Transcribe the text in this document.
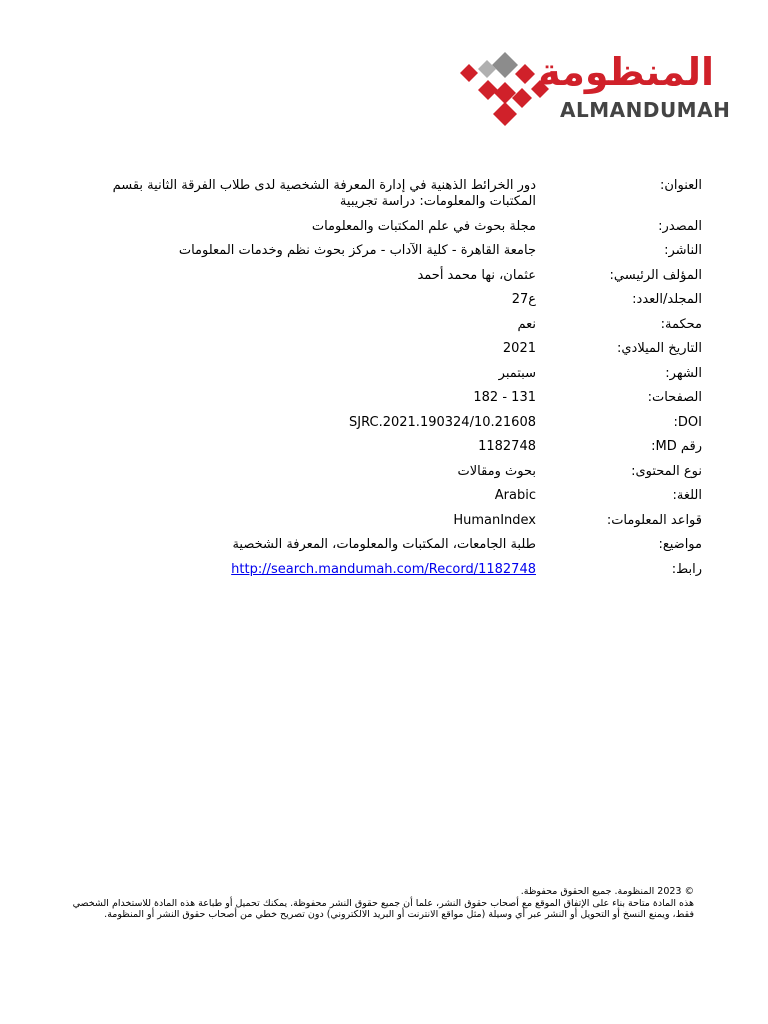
المنظومة
ALMANDUMAH
العنوان:
دور الخرائط الذهنية في إدارة المعرفة الشخصية لدى طلاب الفرقة الثانية بقسم المكتبات والمعلومات: دراسة تجريبية
المصدر:
مجلة بحوث في علم المكتبات والمعلومات
الناشر:
جامعة القاهرة - كلية الآداب - مركز بحوث نظم وخدمات المعلومات
المؤلف الرئيسي:
عثمان، نها محمد أحمد
المجلد/العدد:
ع27
محكمة:
نعم
التاريخ الميلادي:
2021
الشهر:
سبتمبر
الصفحات:
131 - 182
DOI:
10.21608/SJRC.2021.190324
رقم MD:
1182748
نوع المحتوى:
بحوث ومقالات
اللغة:
Arabic
قواعد المعلومات:
HumanIndex
مواضيع:
طلبة الجامعات، المكتبات والمعلومات، المعرفة الشخصية
رابط:
http://search.mandumah.com/Record/1182748

© 2023 المنظومة. جميع الحقوق محفوظة.

هذه المادة متاحة بناء على الإتفاق الموقع مع أصحاب حقوق النشر، علما أن جميع حقوق النشر محفوظة. يمكنك تحميل أو طباعة هذه المادة للاستخدام الشخصي فقط، ويمنع النسخ أو التحويل أو النشر عبر أي وسيلة (مثل مواقع الانترنت أو البريد الالكتروني) دون تصريح خطي من أصحاب حقوق النشر أو المنظومة.
